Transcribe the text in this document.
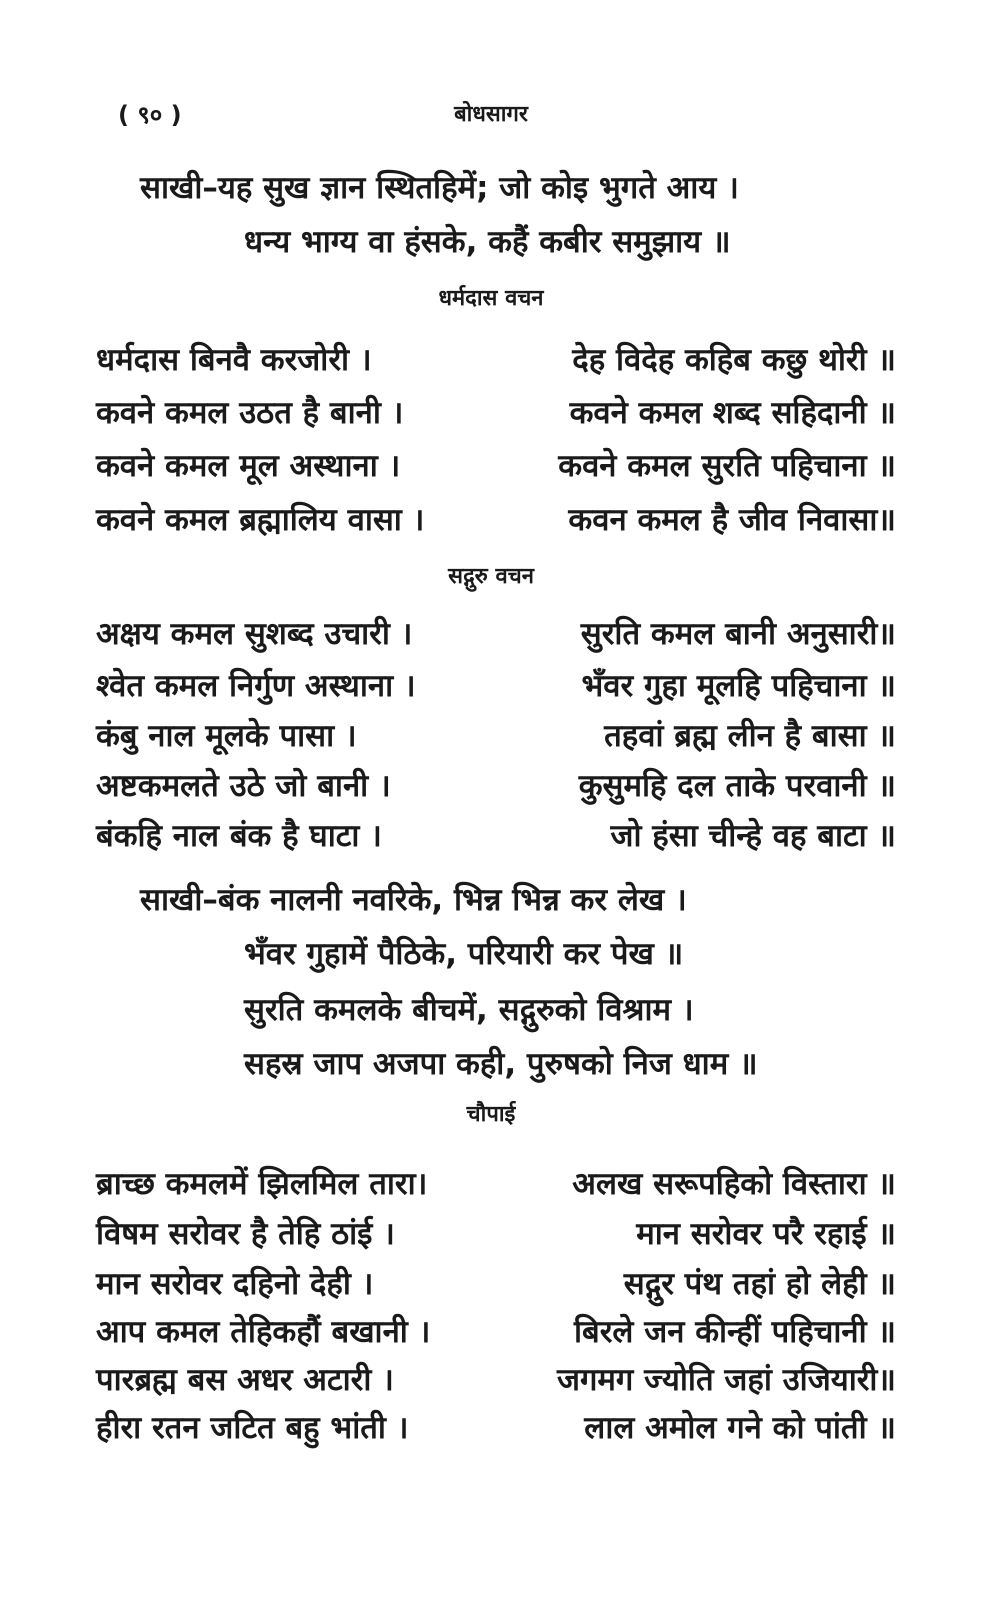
( ९० )	बोधसागर
साखी–यह सुख ज्ञान स्थितहिमें; जो कोइ भुगते आय ।
धन्य भाग्य वा हंसके, कहैं कबीर समुझाय ॥
धर्मदास वचन
धर्मदास बिनवै करजोरी ।	देह विदेह कहिब कछु थोरी ॥
कवने कमल उठत है बानी ।	कवने कमल शब्द सहिदानी ॥
कवने कमल मूल अस्थाना ।	कवने कमल सुरति पहिचाना ॥
कवने कमल ब्रह्मालिय वासा ।	कवन कमल है जीव निवासा॥
सद्गुरु वचन
अक्षय कमल सुशब्द उचारी ।	सुरति कमल बानी अनुसारी॥
श्वेत कमल निर्गुण अस्थाना ।	भँवर गुहा मूलहि पहिचाना ॥
कंबु नाल मूलके पासा ।	तहवां ब्रह्म लीन है बासा ॥
अष्टकमलते उठे जो बानी ।	कुसुमहि दल ताके परवानी ॥
बंकहि नाल बंक है घाटा ।	जो हंसा चीन्हे वह बाटा ॥
साखी–बंक नालनी नवरिके, भिन्न भिन्न कर लेख ।
भँवर गुहामें पैठिके, परियारी कर पेख ॥
सुरति कमलके बीचमें, सद्गुरुको विश्राम ।
सहस्र जाप अजपा कही, पुरुषको निज धाम ॥
चौपाई
ब्राच्छ कमलमें झिलमिल तारा।	अलख सरूपहिको विस्तारा ॥
विषम सरोवर है तेहि ठांई ।	मान सरोवर परै रहाई ॥
मान सरोवर दहिनो देही ।	सद्गुर पंथ तहां हो लेही ॥
आप कमल तेहिकहौं बखानी ।	बिरले जन कीन्हीं पहिचानी ॥
पारब्रह्म बस अधर अटारी ।	जगमग ज्योति जहां उजियारी॥
हीरा रतन जटित बहु भांती ।	लाल अमोल गने को पांती ॥
